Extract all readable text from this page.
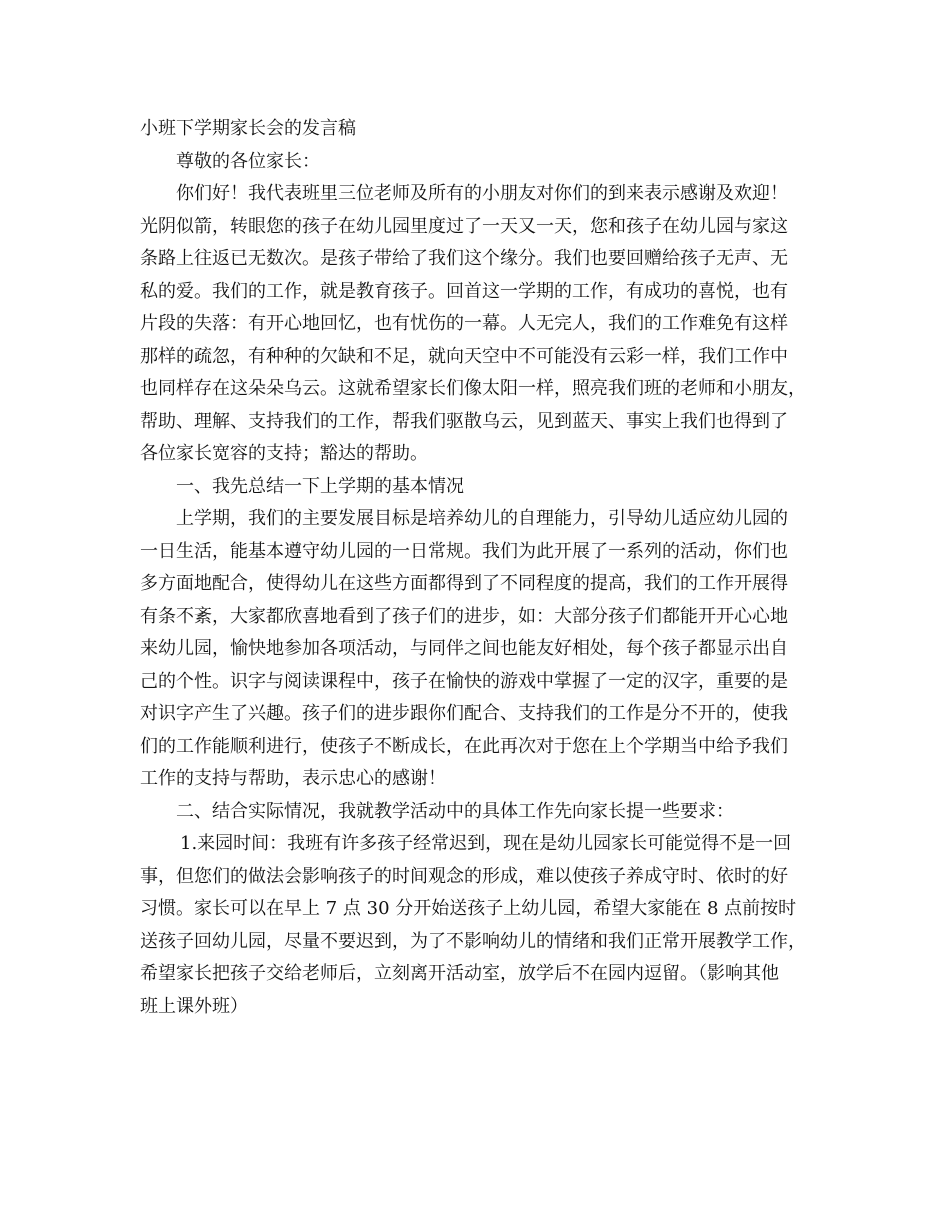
小班下学期家长会的发言稿
尊敬的各位家长：
你们好！我代表班里三位老师及所有的小朋友对你们的到来表示感谢及欢迎！
光阴似箭，转眼您的孩子在幼儿园里度过了一天又一天，您和孩子在幼儿园与家这
条路上往返已无数次。是孩子带给了我们这个缘分。我们也要回赠给孩子无声、无
私的爱。我们的工作，就是教育孩子。回首这一学期的工作，有成功的喜悦，也有
片段的失落：有开心地回忆，也有忧伤的一幕。人无完人，我们的工作难免有这样
那样的疏忽，有种种的欠缺和不足，就向天空中不可能没有云彩一样，我们工作中
也同样存在这朵朵乌云。这就希望家长们像太阳一样，照亮我们班的老师和小朋友，
帮助、理解、支持我们的工作，帮我们驱散乌云，见到蓝天、事实上我们也得到了
各位家长宽容的支持；豁达的帮助。
一、我先总结一下上学期的基本情况
上学期，我们的主要发展目标是培养幼儿的自理能力，引导幼儿适应幼儿园的
一日生活，能基本遵守幼儿园的一日常规。我们为此开展了一系列的活动，你们也
多方面地配合，使得幼儿在这些方面都得到了不同程度的提高，我们的工作开展得
有条不紊，大家都欣喜地看到了孩子们的进步，如：大部分孩子们都能开开心心地
来幼儿园，愉快地参加各项活动，与同伴之间也能友好相处，每个孩子都显示出自
己的个性。识字与阅读课程中，孩子在愉快的游戏中掌握了一定的汉字，重要的是
对识字产生了兴趣。孩子们的进步跟你们配合、支持我们的工作是分不开的，使我
们的工作能顺利进行，使孩子不断成长，在此再次对于您在上个学期当中给予我们
工作的支持与帮助，表示忠心的感谢！
二、结合实际情况，我就教学活动中的具体工作先向家长提一些要求：
1.来园时间：我班有许多孩子经常迟到，现在是幼儿园家长可能觉得不是一回
事，但您们的做法会影响孩子的时间观念的形成，难以使孩子养成守时、依时的好
习惯。家长可以在早上 7 点 30 分开始送孩子上幼儿园，希望大家能在 8 点前按时
送孩子回幼儿园，尽量不要迟到，为了不影响幼儿的情绪和我们正常开展教学工作，
希望家长把孩子交给老师后，立刻离开活动室，放学后不在园内逗留。（影响其他
班上课外班）
